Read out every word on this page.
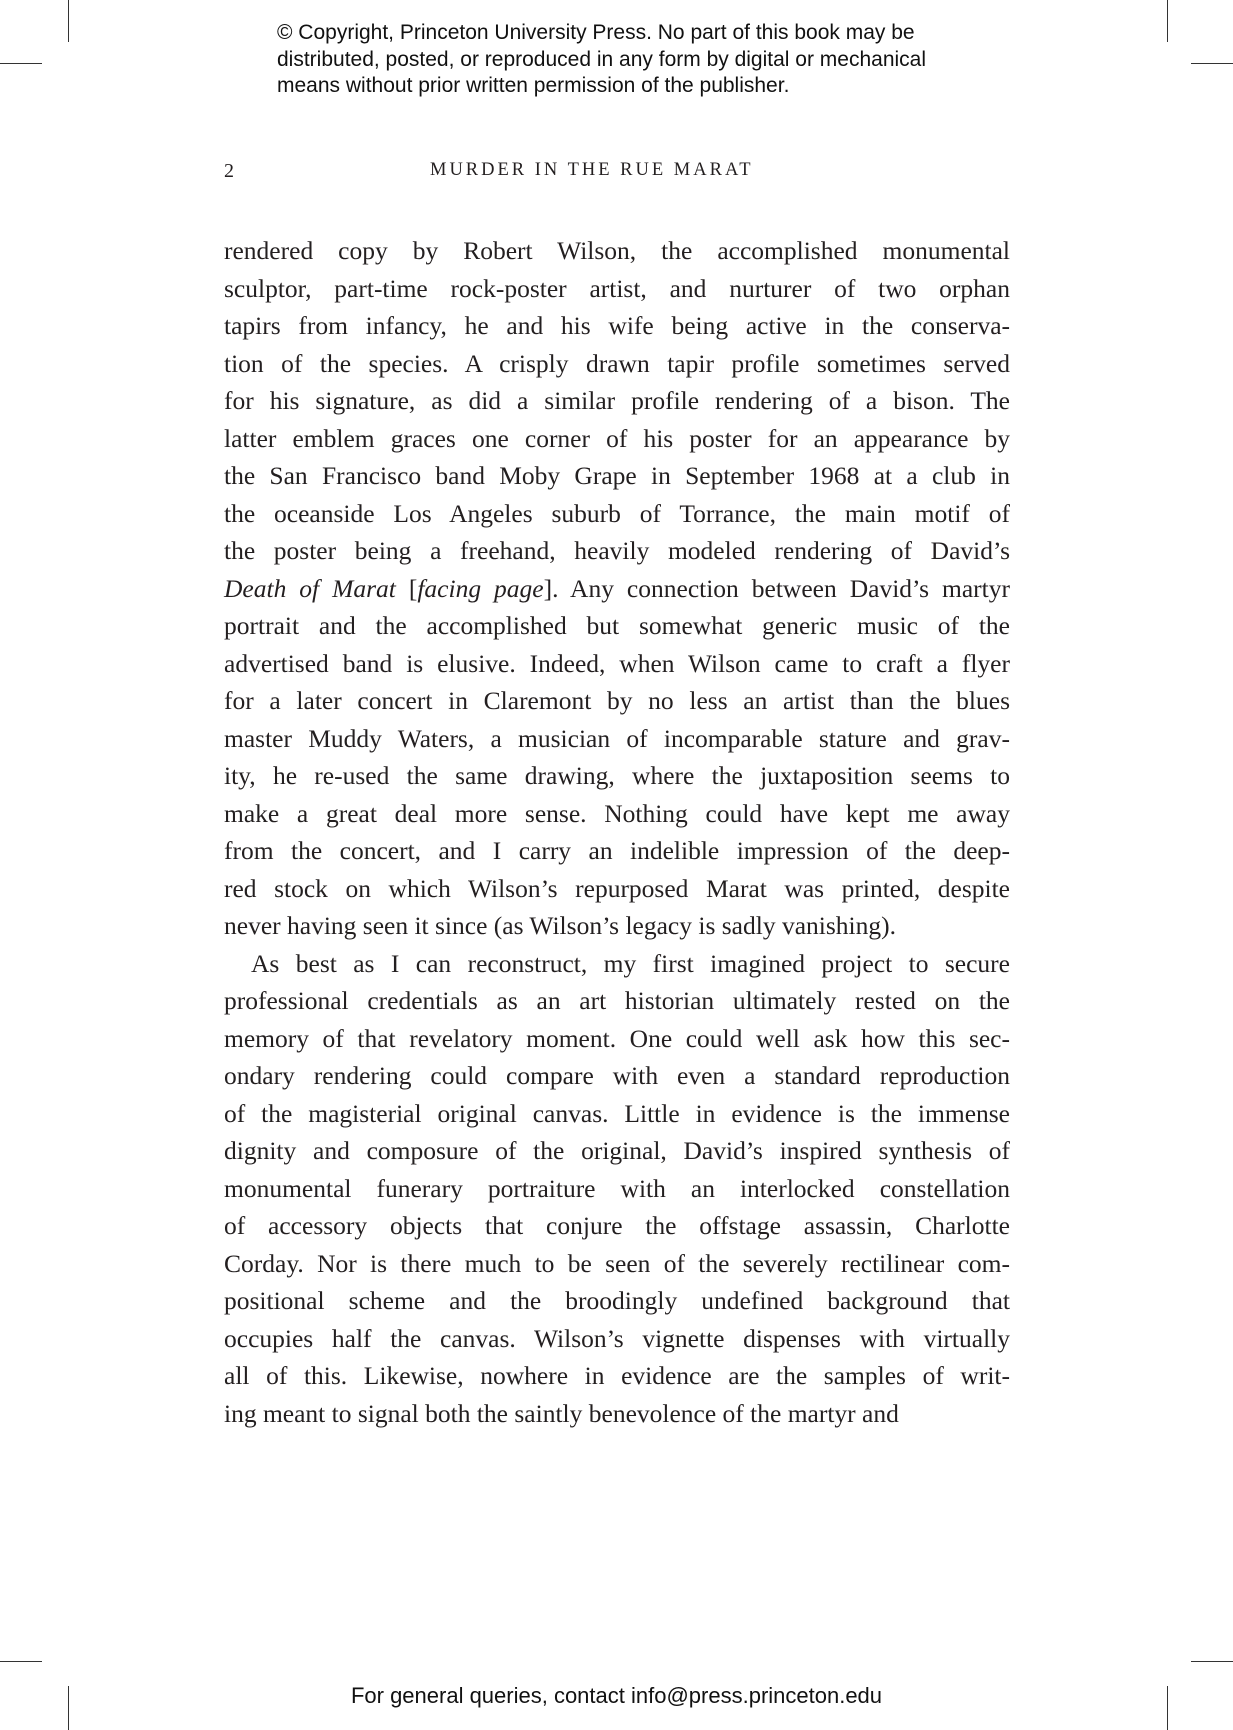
© Copyright, Princeton University Press. No part of this book may be
distributed, posted, or reproduced in any form by digital or mechanical
means without prior written permission of the publisher.
2	MURDER IN THE RUE MARAT
rendered copy by Robert Wilson, the accomplished monumental
sculptor, part-time rock-poster artist, and nurturer of two orphan
tapirs from infancy, he and his wife being active in the conserva-
tion of the species. A crisply drawn tapir profile sometimes served
for his signature, as did a similar profile rendering of a bison. The
latter emblem graces one corner of his poster for an appearance by
the San Francisco band Moby Grape in September 1968 at a club in
the oceanside Los Angeles suburb of Torrance, the main motif of
the poster being a freehand, heavily modeled rendering of David’s
Death of Marat [facing page]. Any connection between David’s martyr
portrait and the accomplished but somewhat generic music of the
advertised band is elusive. Indeed, when Wilson came to craft a flyer
for a later concert in Claremont by no less an artist than the blues
master Muddy Waters, a musician of incomparable stature and grav-
ity, he re-used the same drawing, where the juxtaposition seems to
make a great deal more sense. Nothing could have kept me away
from the concert, and I carry an indelible impression of the deep-
red stock on which Wilson’s repurposed Marat was printed, despite
never having seen it since (as Wilson’s legacy is sadly vanishing).
As best as I can reconstruct, my first imagined project to secure
professional credentials as an art historian ultimately rested on the
memory of that revelatory moment. One could well ask how this sec-
ondary rendering could compare with even a standard reproduction
of the magisterial original canvas. Little in evidence is the immense
dignity and composure of the original, David’s inspired synthesis of
monumental funerary portraiture with an interlocked constellation
of accessory objects that conjure the offstage assassin, Charlotte
Corday. Nor is there much to be seen of the severely rectilinear com-
positional scheme and the broodingly undefined background that
occupies half the canvas. Wilson’s vignette dispenses with virtually
all of this. Likewise, nowhere in evidence are the samples of writ-
ing meant to signal both the saintly benevolence of the martyr and
For general queries, contact info@press.princeton.edu
